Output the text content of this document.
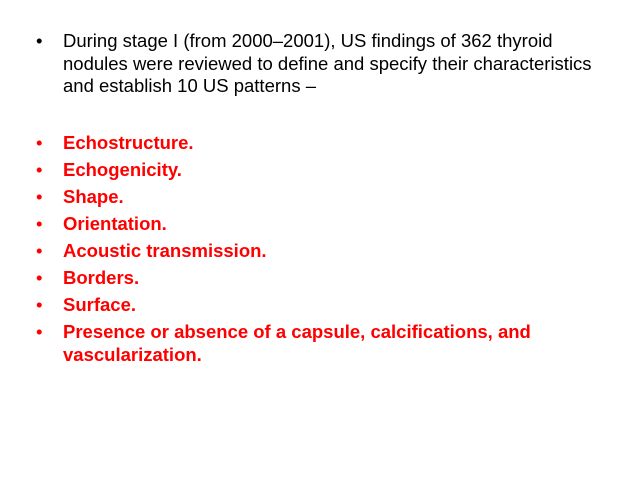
•	During stage I (from 2000–2001), US findings of 362 thyroid nodules were reviewed to define and specify their characteristics and establish 10 US patterns –
•	Echostructure.
•	Echogenicity.
•	Shape.
•	Orientation.
•	Acoustic transmission.
•	Borders.
•	Surface.
•	Presence or absence of a capsule, calcifications, and vascularization.
